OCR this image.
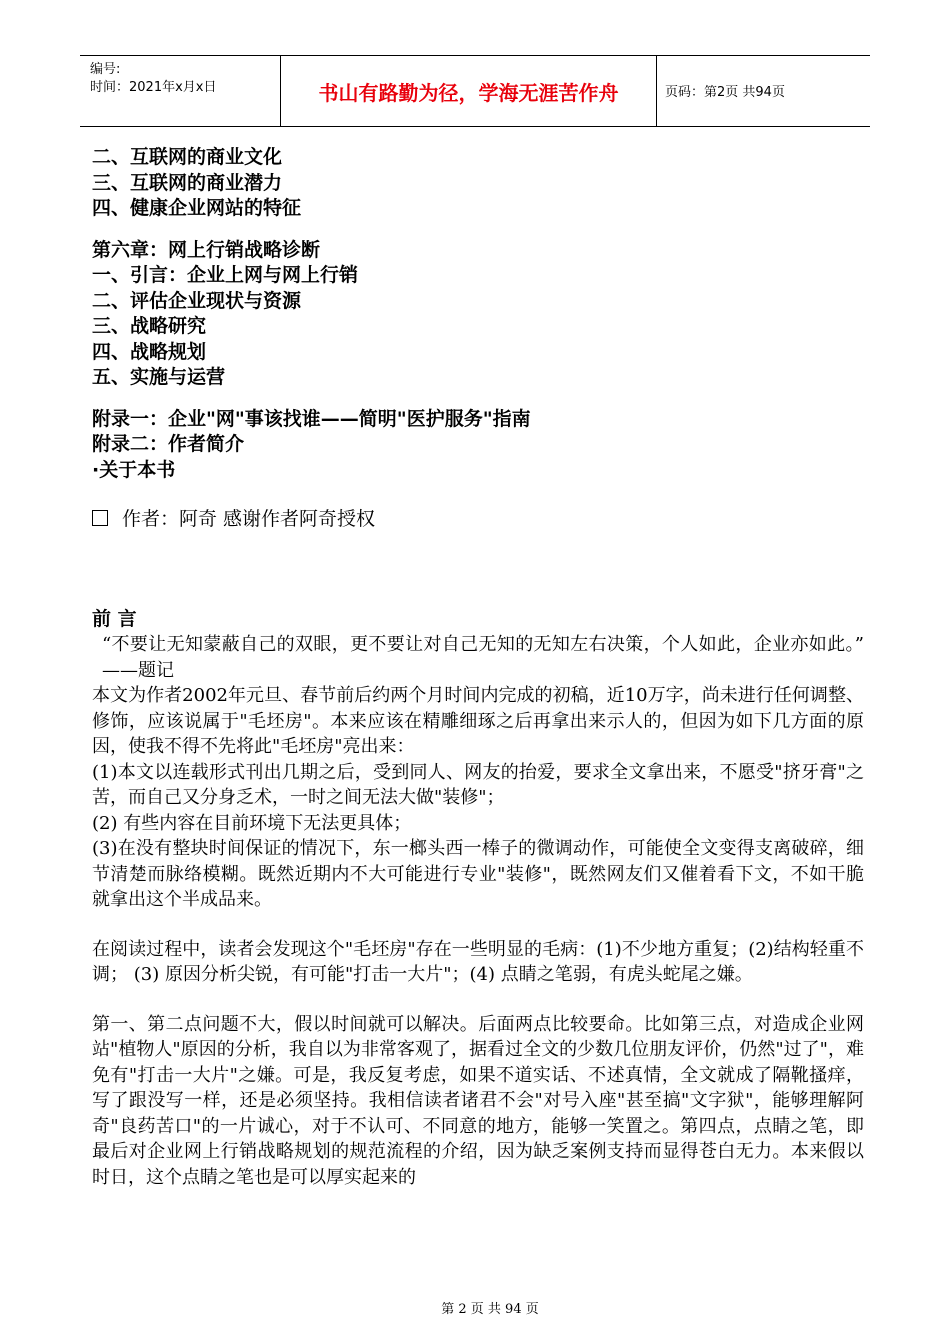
编号:
时间：2021年x月x日	书山有路勤为径，学海无涯苦作舟	页码：第2页 共94页
二、互联网的商业文化
三、互联网的商业潜力
四、健康企业网站的特征
第六章：网上行销战略诊断
一、引言：企业上网与网上行销
二、评估企业现状与资源
三、战略研究
四、战略规划
五、实施与运营
附录一：企业"网"事该找谁——简明"医护服务"指南
附录二：作者简介
·关于本书
作者：阿奇 感谢作者阿奇授权
前 言
“不要让无知蒙蔽自己的双眼，更不要让对自己无知的无知左右决策，个人如此，企业亦如此。” ——题记
本文为作者2002年元旦、春节前后约两个月时间内完成的初稿，近10万字，尚未进行任何调整、修饰，应该说属于"毛坯房"。本来应该在精雕细琢之后再拿出来示人的，但因为如下几方面的原因，使我不得不先将此"毛坯房"亮出来：
(1)本文以连载形式刊出几期之后，受到同人、网友的抬爱，要求全文拿出来，不愿受"挤牙膏"之苦，而自己又分身乏术，一时之间无法大做"装修"；
(2) 有些内容在目前环境下无法更具体；
(3)在没有整块时间保证的情况下，东一榔头西一棒子的微调动作，可能使全文变得支离破碎，细节清楚而脉络模糊。既然近期内不大可能进行专业"装修"，既然网友们又催着看下文，不如干脆就拿出这个半成品来。
在阅读过程中，读者会发现这个"毛坯房"存在一些明显的毛病：(1)不少地方重复；(2)结构轻重不调； (3) 原因分析尖锐，有可能"打击一大片"；(4) 点睛之笔弱，有虎头蛇尾之嫌。
第一、第二点问题不大，假以时间就可以解决。后面两点比较要命。比如第三点，对造成企业网站"植物人"原因的分析，我自以为非常客观了，据看过全文的少数几位朋友评价，仍然"过了"，难免有"打击一大片"之嫌。可是，我反复考虑，如果不道实话、不述真情，全文就成了隔靴搔痒，写了跟没写一样，还是必须坚持。我相信读者诸君不会"对号入座"甚至搞"文字狱"，能够理解阿奇"良药苦口"的一片诚心，对于不认可、不同意的地方，能够一笑置之。第四点，点睛之笔，即最后对企业网上行销战略规划的规范流程的介绍，因为缺乏案例支持而显得苍白无力。本来假以时日，这个点睛之笔也是可以厚实起来的
第 2 页 共 94 页
